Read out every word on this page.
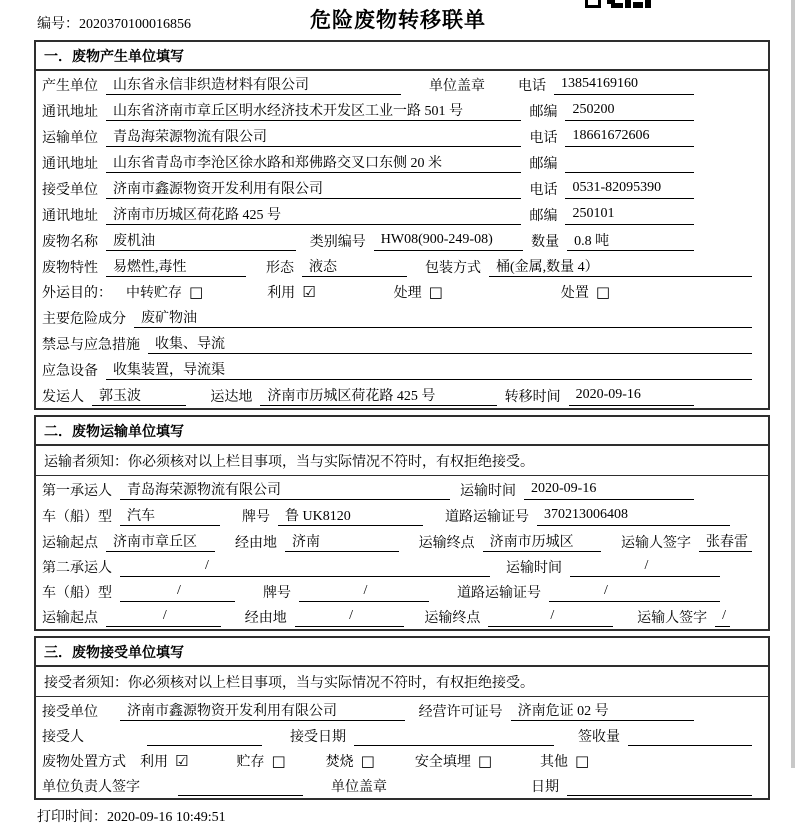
编号：2020370100016856	危险废物转移联单
一．废物产生单位填写
产生单位	山东省永信非织造材料有限公司	单位盖章 电话	13854169160
通讯地址	山东省济南市章丘区明水经济技术开发区工业一路 501 号	邮编	250200
运输单位	青岛海荣源物流有限公司	电话	18661672606
通讯地址	山东省青岛市李沧区徐水路和郑佛路交叉口东侧 20 米	邮编
接受单位	济南市鑫源物资开发利用有限公司	电话	0531-82095390
通讯地址	济南市历城区荷花路 425 号	邮编	250101
废物名称	废机油	类别编号	HW08(900-249-08)	数量	0.8 吨
废物特性	易燃性,毒性	形态	液态	包装方式	桶(金属,数量 4）
外运目的： 中转贮存 □	利用 ☑	处理 □	处置 □
主要危险成分	废矿物油
禁忌与应急措施	收集、导流
应急设备	收集装置，导流渠
发运人	郭玉波	运达地	济南市历城区荷花路 425 号	转移时间	2020-09-16
二．废物运输单位填写
运输者须知：你必须核对以上栏目事项，当与实际情况不符时，有权拒绝接受。
第一承运人	青岛海荣源物流有限公司	运输时间	2020-09-16
车（船）型	汽车	牌号	鲁 UK8120	道路运输证号	370213006408
运输起点	济南市章丘区	经由地	济南	运输终点	济南市历城区	运输人签字	张春雷
第二承运人	/	运输时间	/
车（船）型	/	牌号	/	道路运输证号	/
运输起点	/	经由地	/	运输终点	/	运输人签字	/
三．废物接受单位填写
接受者须知：你必须核对以上栏目事项，当与实际情况不符时，有权拒绝接受。
接受单位	济南市鑫源物资开发利用有限公司	经营许可证号	济南危证 02 号
接受人	接受日期	签收量
废物处置方式 利用 ☑	贮存 □	焚烧 □	安全填埋 □	其他 □
单位负责人签字	单位盖章	日期
打印时间：2020-09-16 10:49:51
